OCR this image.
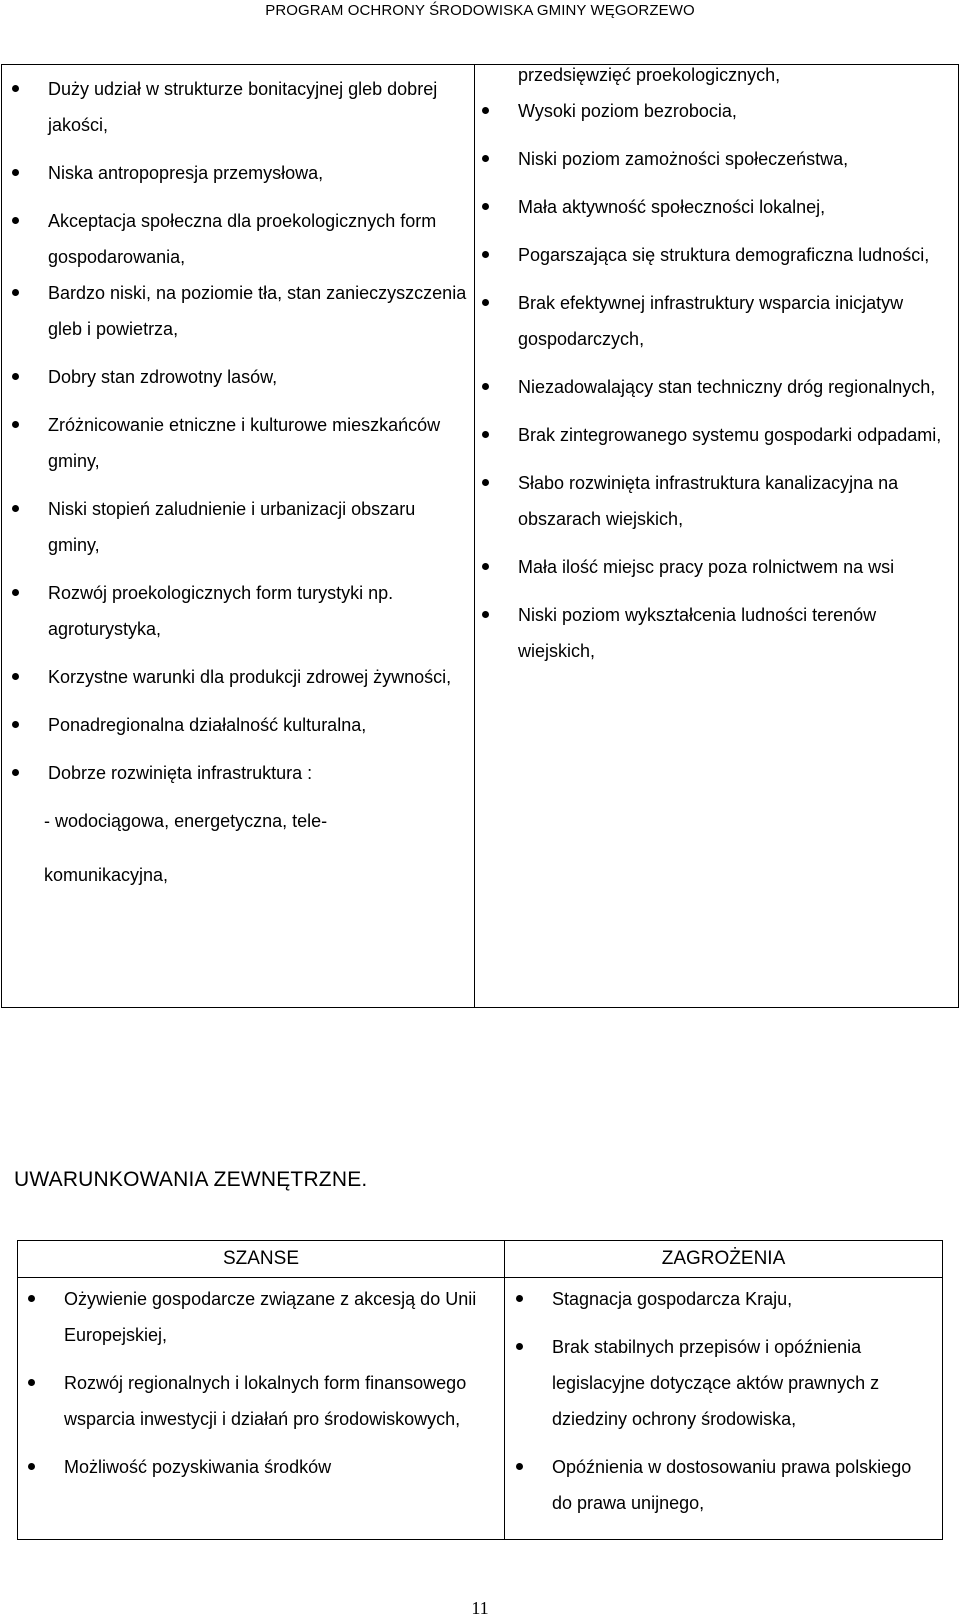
PROGRAM OCHRONY ŚRODOWISKA GMINY WĘGORZEWO
Duży udział w strukturze bonitacyjnej gleb dobrej jakości,
Niska antropopresja przemysłowa,
Akceptacja społeczna dla proekologicznych form gospodarowania,
Bardzo niski, na poziomie tła, stan zanieczyszczenia gleb i powietrza,
Dobry stan zdrowotny lasów,
Zróżnicowanie etniczne i kulturowe mieszkańców gminy,
Niski stopień zaludnienie i urbanizacji obszaru gminy,
Rozwój proekologicznych form turystyki np. agroturystyka,
Korzystne warunki dla produkcji zdrowej żywności,
Ponadregionalna działalność kulturalna,
Dobrze rozwinięta infrastruktura :
- wodociągowa, energetyczna, tele-
komunikacyjna,
przedsięwzięć proekologicznych,
Wysoki poziom bezrobocia,
Niski poziom zamożności społeczeństwa,
Mała aktywność społeczności lokalnej,
Pogarszająca się struktura demograficzna ludności,
Brak efektywnej infrastruktury wsparcia inicjatyw gospodarczych,
Niezadowalający stan techniczny dróg regionalnych,
Brak zintegrowanego systemu gospodarki odpadami,
Słabo rozwinięta infrastruktura kanalizacyjna na obszarach wiejskich,
Mała ilość miejsc pracy poza rolnictwem na wsi
Niski poziom wykształcenia ludności terenów wiejskich,
UWARUNKOWANIA ZEWNĘTRZNE.
SZANSE	ZAGROŻENIA
Ożywienie gospodarcze związane z akcesją do Unii Europejskiej,
Rozwój regionalnych i lokalnych form finansowego wsparcia inwestycji i działań pro środowiskowych,
Możliwość pozyskiwania środków
Stagnacja gospodarcza Kraju,
Brak stabilnych przepisów i opóźnienia legislacyjne dotyczące aktów prawnych z dziedziny ochrony środowiska,
Opóźnienia w dostosowaniu prawa polskiego do prawa unijnego,
11
